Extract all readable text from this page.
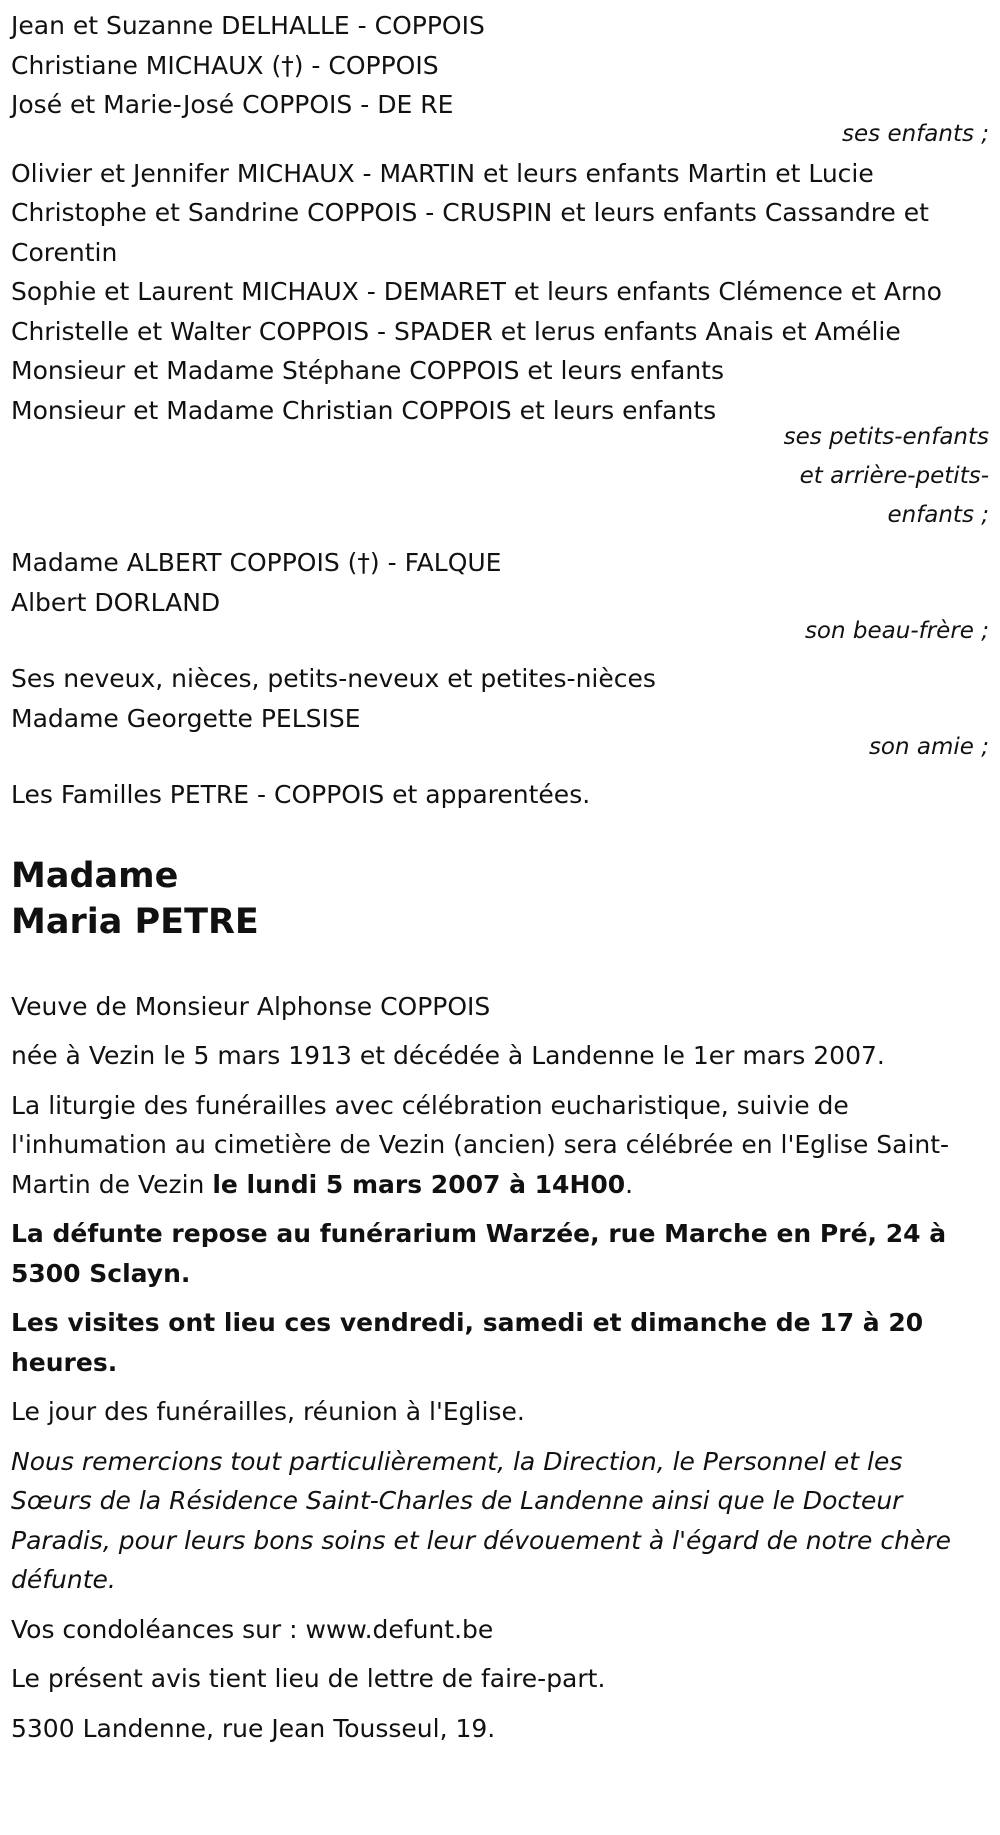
Jean et Suzanne DELHALLE - COPPOIS
Christiane MICHAUX (†) - COPPOIS
José et Marie-José COPPOIS - DE RE
ses enfants ;
Olivier et Jennifer MICHAUX - MARTIN et leurs enfants Martin et Lucie
Christophe et Sandrine COPPOIS - CRUSPIN et leurs enfants Cassandre et Corentin
Sophie et Laurent MICHAUX - DEMARET et leurs enfants Clémence et Arno
Christelle et Walter COPPOIS - SPADER et lerus enfants Anais et Amélie
Monsieur et Madame Stéphane COPPOIS et leurs enfants
Monsieur et Madame Christian COPPOIS et leurs enfants
ses petits-enfants
et arrière-petits-
enfants ;
Madame ALBERT COPPOIS (†) - FALQUE
Albert DORLAND
son beau-frère ;
Ses neveux, nièces, petits-neveux et petites-nièces
Madame Georgette PELSISE
son amie ;
Les Familles PETRE - COPPOIS et apparentées.
Madame
Maria PETRE
Veuve de Monsieur Alphonse COPPOIS
née à Vezin le 5 mars 1913 et décédée à Landenne le 1er mars 2007.
La liturgie des funérailles avec célébration eucharistique, suivie de l'inhumation au cimetière de Vezin (ancien) sera célébrée en l'Eglise Saint-Martin de Vezin le lundi 5 mars 2007 à 14H00.
La défunte repose au funérarium Warzée, rue Marche en Pré, 24 à 5300 Sclayn.
Les visites ont lieu ces vendredi, samedi et dimanche de 17 à 20 heures.
Le jour des funérailles, réunion à l'Eglise.
Nous remercions tout particulièrement, la Direction, le Personnel et les Sœurs de la Résidence Saint-Charles de Landenne ainsi que le Docteur Paradis, pour leurs bons soins et leur dévouement à l'égard de notre chère défunte.
Vos condoléances sur : www.defunt.be
Le présent avis tient lieu de lettre de faire-part.
5300 Landenne, rue Jean Tousseul, 19.
